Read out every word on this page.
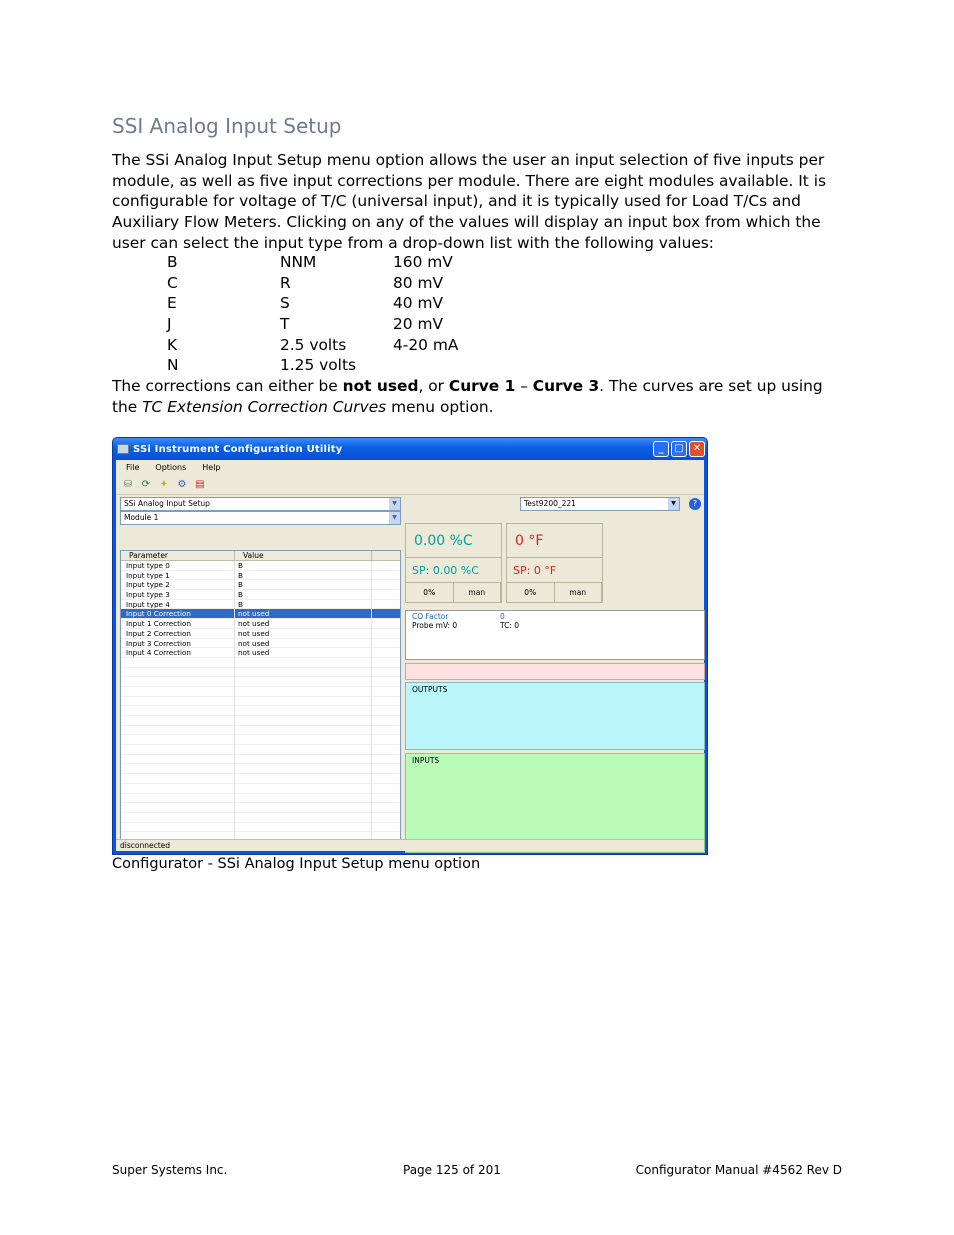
SSI Analog Input Setup
The SSi Analog Input Setup menu option allows the user an input selection of five inputs per module, as well as five input corrections per module. There are eight modules available. It is configurable for voltage of T/C (universal input), and it is typically used for Load T/Cs and Auxiliary Flow Meters. Clicking on any of the values will display an input box from which the user can select the input type from a drop-down list with the following values:
B	NNM	160 mV
C	R	80 mV
E	S	40 mV
J	T	20 mV
K	2.5 volts	4-20 mA
N	1.25 volts
The corrections can either be not used, or Curve 1 – Curve 3. The curves are set up using the TC Extension Correction Curves menu option.
SSi Instrument Configuration Utility	_	□ ✕
File Options Help
⛁ ⟳ ✦ ⚙ ▤
Test9200_221	▼	?
SSi Analog Input Setup	▼
Module 1	▼
Parameter	Value
Input type 0	B
Input type 1	B
Input type 2	B
Input type 3	B
Input type 4	B
Input 0 Correction	not used
Input 1 Correction	not used
Input 2 Correction	not used
Input 3 Correction	not used
Input 4 Correction	not used
0.00 %C
SP: 0.00 %C
0%	man
0 °F
SP: 0 °F
0%	man
CO Factor	0
Probe mV: 0	TC: 0
OUTPUTS
INPUTS
disconnected
Configurator - SSi Analog Input Setup menu option
Super Systems Inc.	Page 125 of 201	Configurator Manual #4562 Rev D
